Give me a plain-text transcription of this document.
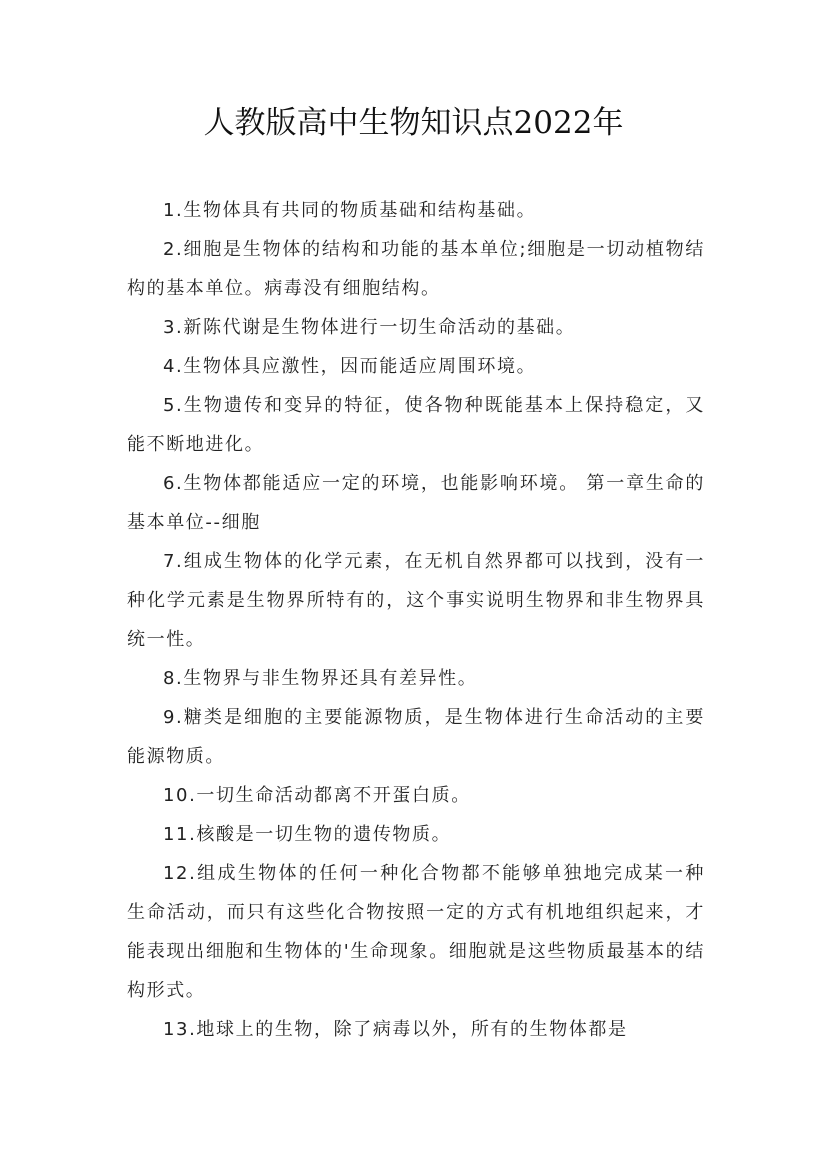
人教版高中生物知识点2022年

1.生物体具有共同的物质基础和结构基础。

2.细胞是生物体的结构和功能的基本单位;细胞是一切动植物结构的基本单位。病毒没有细胞结构。

3.新陈代谢是生物体进行一切生命活动的基础。

4.生物体具应激性，因而能适应周围环境。

5.生物遗传和变异的特征，使各物种既能基本上保持稳定，又能不断地进化。

6.生物体都能适应一定的环境，也能影响环境。 第一章生命的基本单位--细胞

7.组成生物体的化学元素，在无机自然界都可以找到，没有一种化学元素是生物界所特有的，这个事实说明生物界和非生物界具统一性。

8.生物界与非生物界还具有差异性。

9.糖类是细胞的主要能源物质，是生物体进行生命活动的主要能源物质。

10.一切生命活动都离不开蛋白质。

11.核酸是一切生物的遗传物质。

12.组成生物体的任何一种化合物都不能够单独地完成某一种生命活动，而只有这些化合物按照一定的方式有机地组织起来，才能表现出细胞和生物体的'生命现象。细胞就是这些物质最基本的结构形式。

13.地球上的生物，除了病毒以外，所有的生物体都是
